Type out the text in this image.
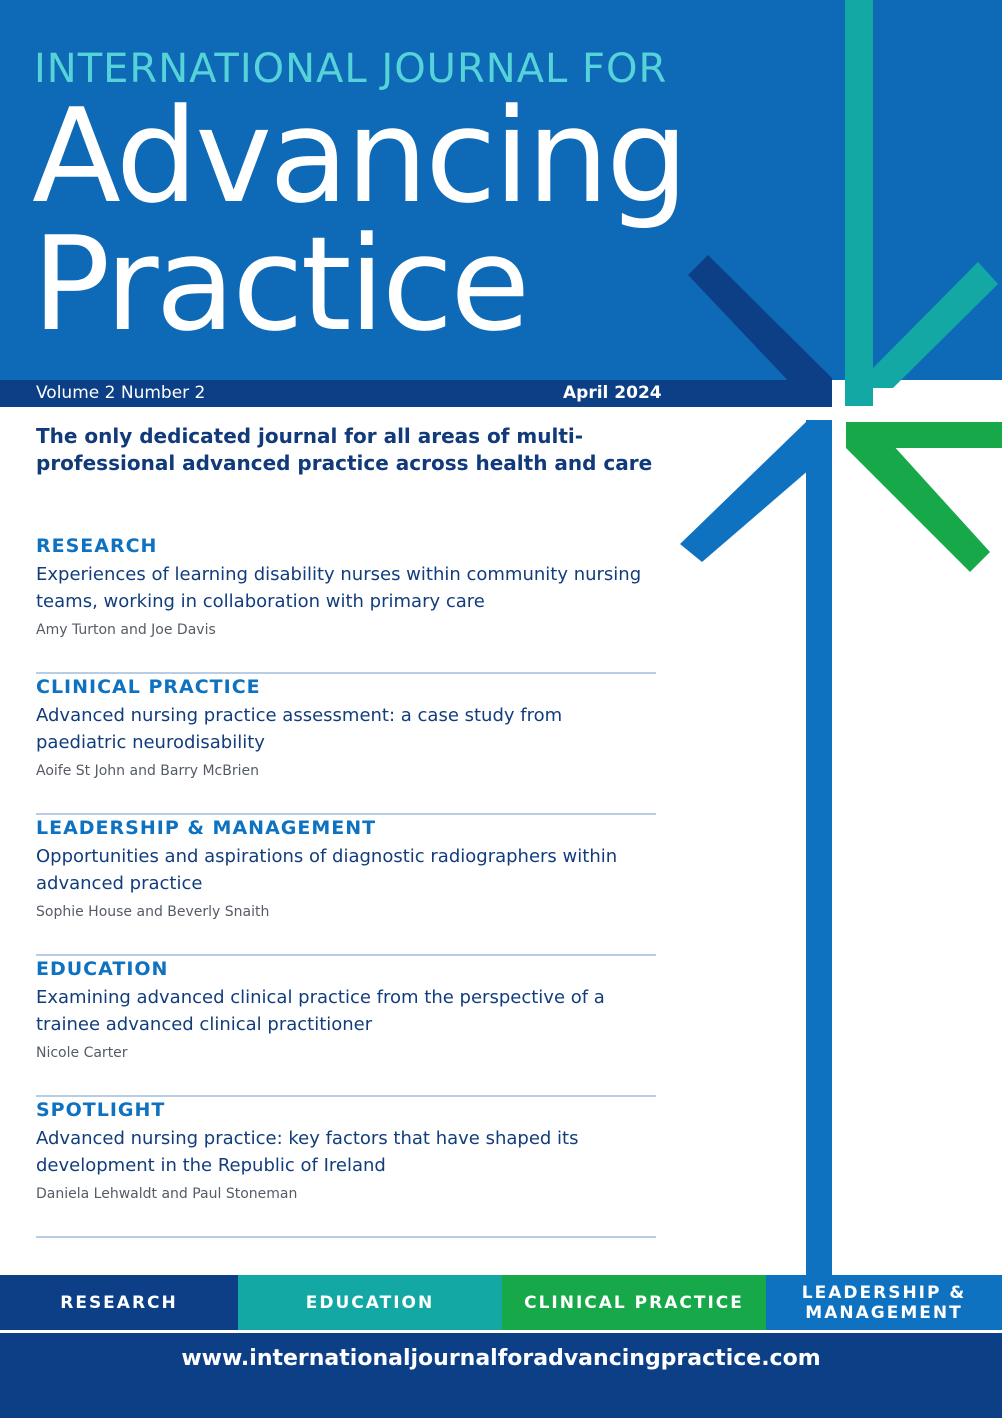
INTERNATIONAL JOURNAL FOR
Advancing
Practice
Volume 2 Number 2	April 2024
The only dedicated journal for all areas of multi-professional advanced practice across health and care
RESEARCH
Experiences of learning disability nurses within community nursing teams, working in collaboration with primary care
Amy Turton and Joe Davis
CLINICAL PRACTICE
Advanced nursing practice assessment: a case study from paediatric neurodisability
Aoife St John and Barry McBrien
LEADERSHIP & MANAGEMENT
Opportunities and aspirations of diagnostic radiographers within advanced practice
Sophie House and Beverly Snaith
EDUCATION
Examining advanced clinical practice from the perspective of a trainee advanced clinical practitioner
Nicole Carter
SPOTLIGHT
Advanced nursing practice: key factors that have shaped its development in the Republic of Ireland
Daniela Lehwaldt and Paul Stoneman
RESEARCH	EDUCATION	CLINICAL PRACTICE	LEADERSHIP & MANAGEMENT
www.internationaljournalforadvancingpractice.com
